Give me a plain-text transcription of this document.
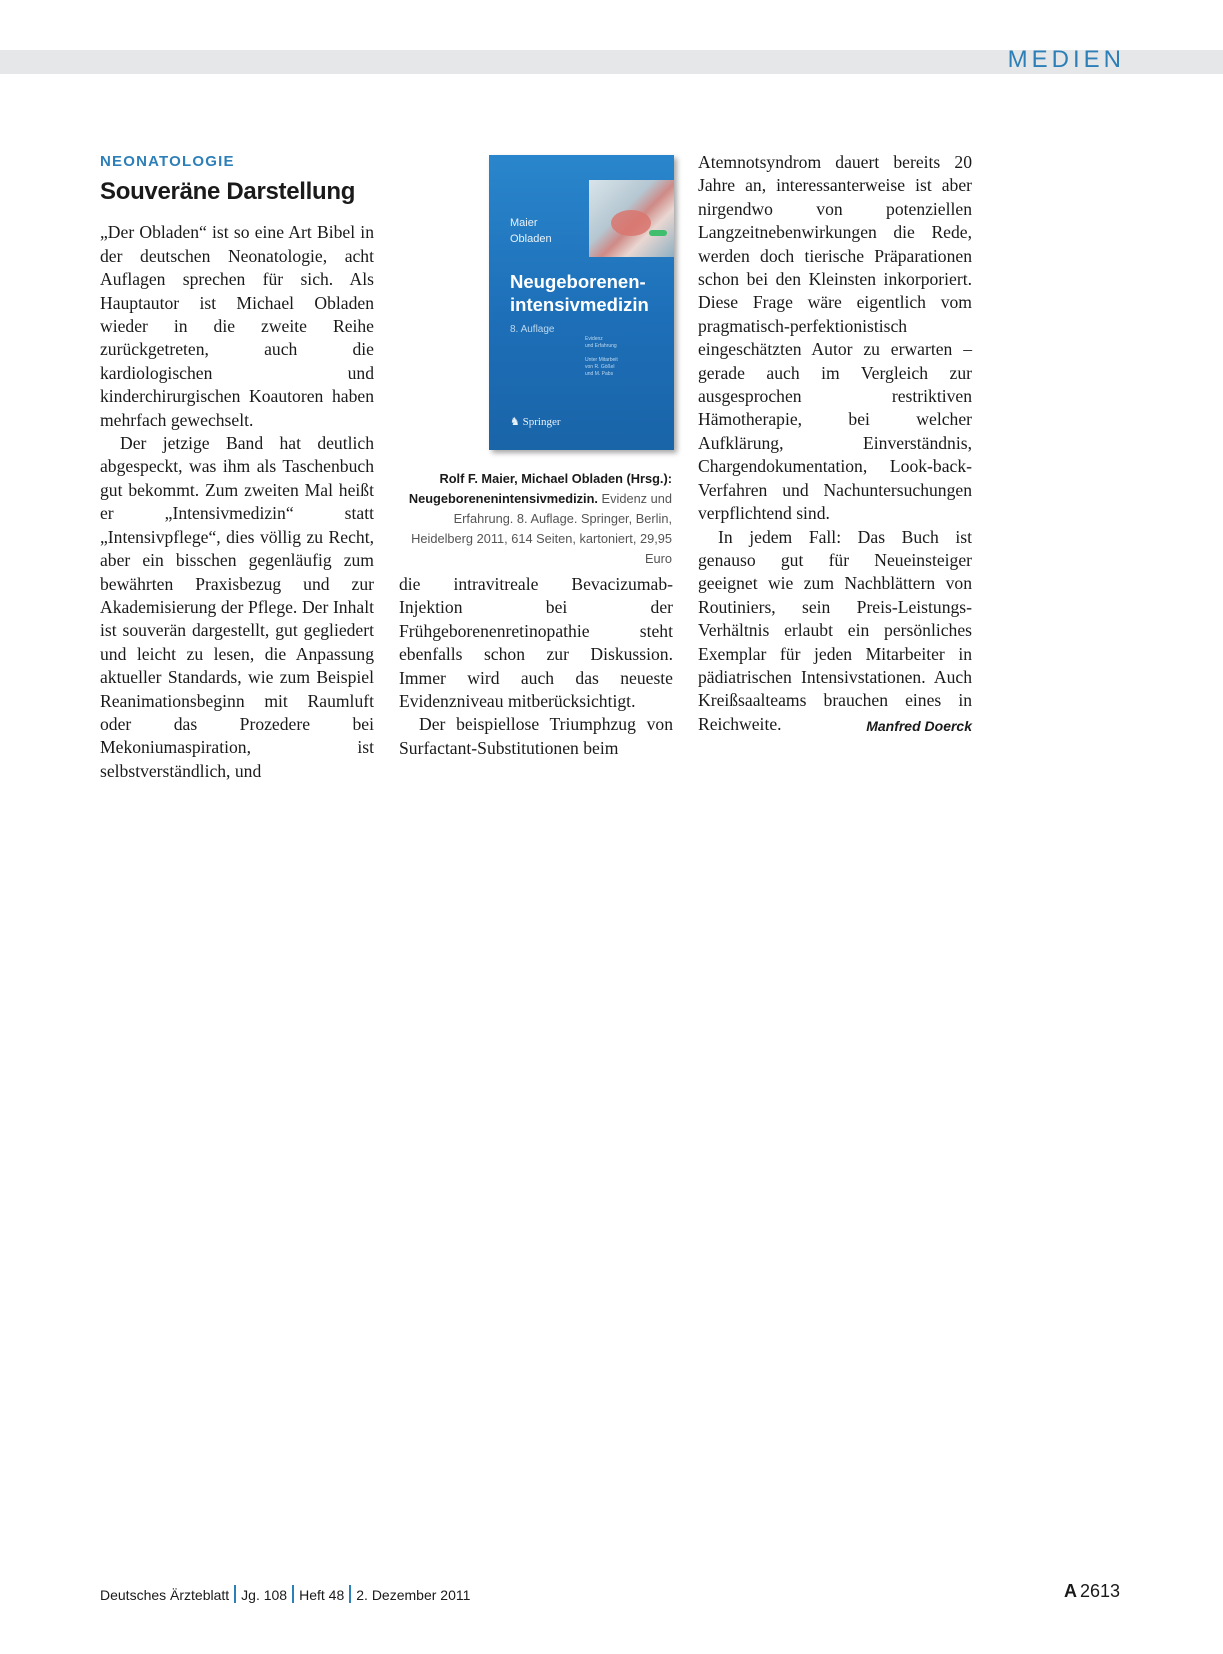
MEDIEN
NEONATOLOGIE
Souveräne Darstellung

„Der Obladen“ ist so eine Art Bibel in der deutschen Neonatologie, acht Auflagen sprechen für sich. Als Hauptautor ist Michael Obladen wieder in die zweite Reihe zurückgetreten, auch die kardiologischen und kinderchirurgischen Koautoren haben mehrfach gewechselt.

Der jetzige Band hat deutlich abgespeckt, was ihm als Taschenbuch gut bekommt. Zum zweiten Mal heißt er „Intensivmedizin“ statt „Intensivpflege“, dies völlig zu Recht, aber ein bisschen gegenläufig zum bewährten Praxisbezug und zur Akademisierung der Pflege. Der Inhalt ist souverän dargestellt, gut gegliedert und leicht zu lesen, die Anpassung aktueller Standards, wie zum Beispiel Reanimationsbeginn mit Raumluft oder das Prozedere bei Mekoniumaspiration, ist selbstverständlich, und

Maier
Obladen
Neugeborenen-
intensivmedizin
8. Auflage
Evidenz
und Erfahrung

Unter Mitarbeit
von R. Gößel
und M. Pabs
♞ Springer
Rolf F. Maier, Michael Obladen (Hrsg.):
Neugeborenenintensivmedizin. Evidenz und Erfahrung. 8. Auflage. Springer, Berlin, Heidelberg 2011, 614 Seiten, kartoniert, 29,95 Euro

die intravitreale Bevacizumab-Injektion bei der Frühgeborenenretinopathie steht ebenfalls schon zur Diskussion. Immer wird auch das neueste Evidenzniveau mitberücksichtigt.

Der beispiellose Triumphzug von Surfactant-Substitutionen beim

Atemnotsyndrom dauert bereits 20 Jahre an, interessanterweise ist aber nirgendwo von potenziellen Langzeitnebenwirkungen die Rede, werden doch tierische Präparationen schon bei den Kleinsten inkorporiert. Diese Frage wäre eigentlich vom pragmatisch-perfektionistisch eingeschätzten Autor zu erwarten – gerade auch im Vergleich zur ausgesprochen restriktiven Hämotherapie, bei welcher Aufklärung, Einverständnis, Chargendokumentation, Look-back-Verfahren und Nachuntersuchungen verpflichtend sind.

In jedem Fall: Das Buch ist genauso gut für Neueinsteiger geeignet wie zum Nachblättern von Routiniers, sein Preis-Leistungs-Verhältnis erlaubt ein persönliches Exemplar für jeden Mitarbeiter in pädiatrischen Intensivstationen. Auch Kreißsaalteams brauchen eines in Reichweite.	Manfred Doerck

Deutsches Ärzteblatt Jg. 108 Heft 48 2. Dezember 2011	A 2613
